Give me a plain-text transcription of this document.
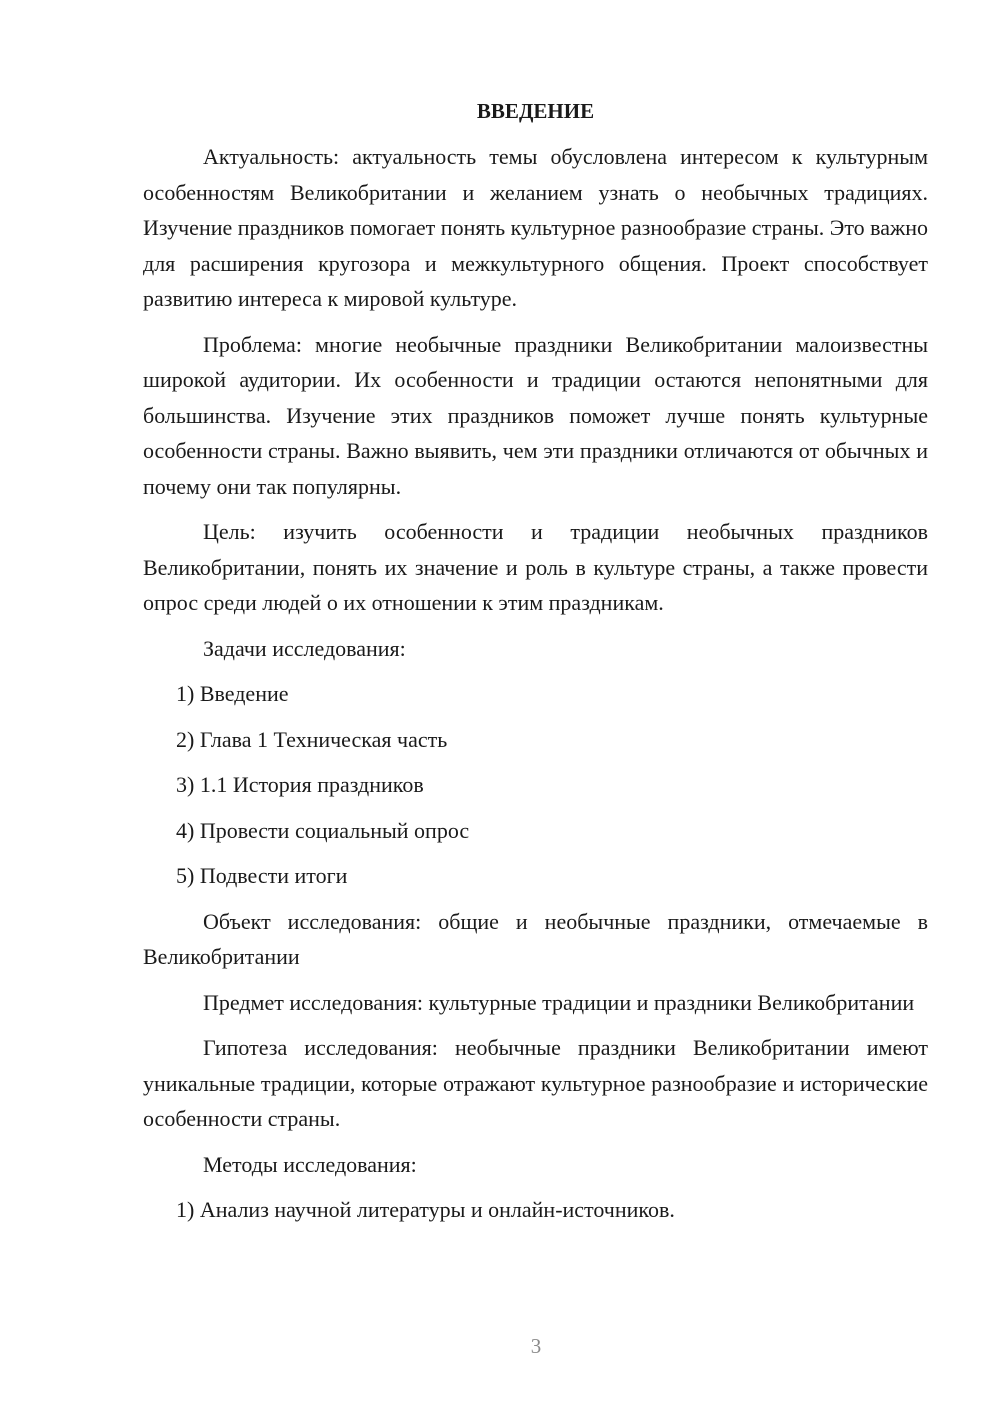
ВВЕДЕНИЕ

Актуальность: актуальность темы обусловлена интересом к культурным особенностям Великобритании и желанием узнать о необычных традициях. Изучение праздников помогает понять культурное разнообразие страны. Это важно для расширения кругозора и межкультурного общения. Проект способствует развитию интереса к мировой культуре.

Проблема: многие необычные праздники Великобритании малоизвестны широкой аудитории. Их особенности и традиции остаются непонятными для большинства. Изучение этих праздников поможет лучше понять культурные особенности страны. Важно выявить, чем эти праздники отличаются от обычных и почему они так популярны.

Цель: изучить особенности и традиции необычных праздников Великобритании, понять их значение и роль в культуре страны, а также провести опрос среди людей о их отношении к этим праздникам.

Задачи исследования:

1) Введение

2) Глава 1 Техническая часть

3) 1.1 История праздников

4) Провести социальный опрос

5) Подвести итоги

Объект исследования: общие и необычные праздники, отмечаемые в Великобритании

Предмет исследования: культурные традиции и праздники Великобритании

Гипотеза исследования: необычные праздники Великобритании имеют уникальные традиции, которые отражают культурное разнообразие и исторические особенности страны.

Методы исследования:

1) Анализ научной литературы и онлайн-источников.

3
